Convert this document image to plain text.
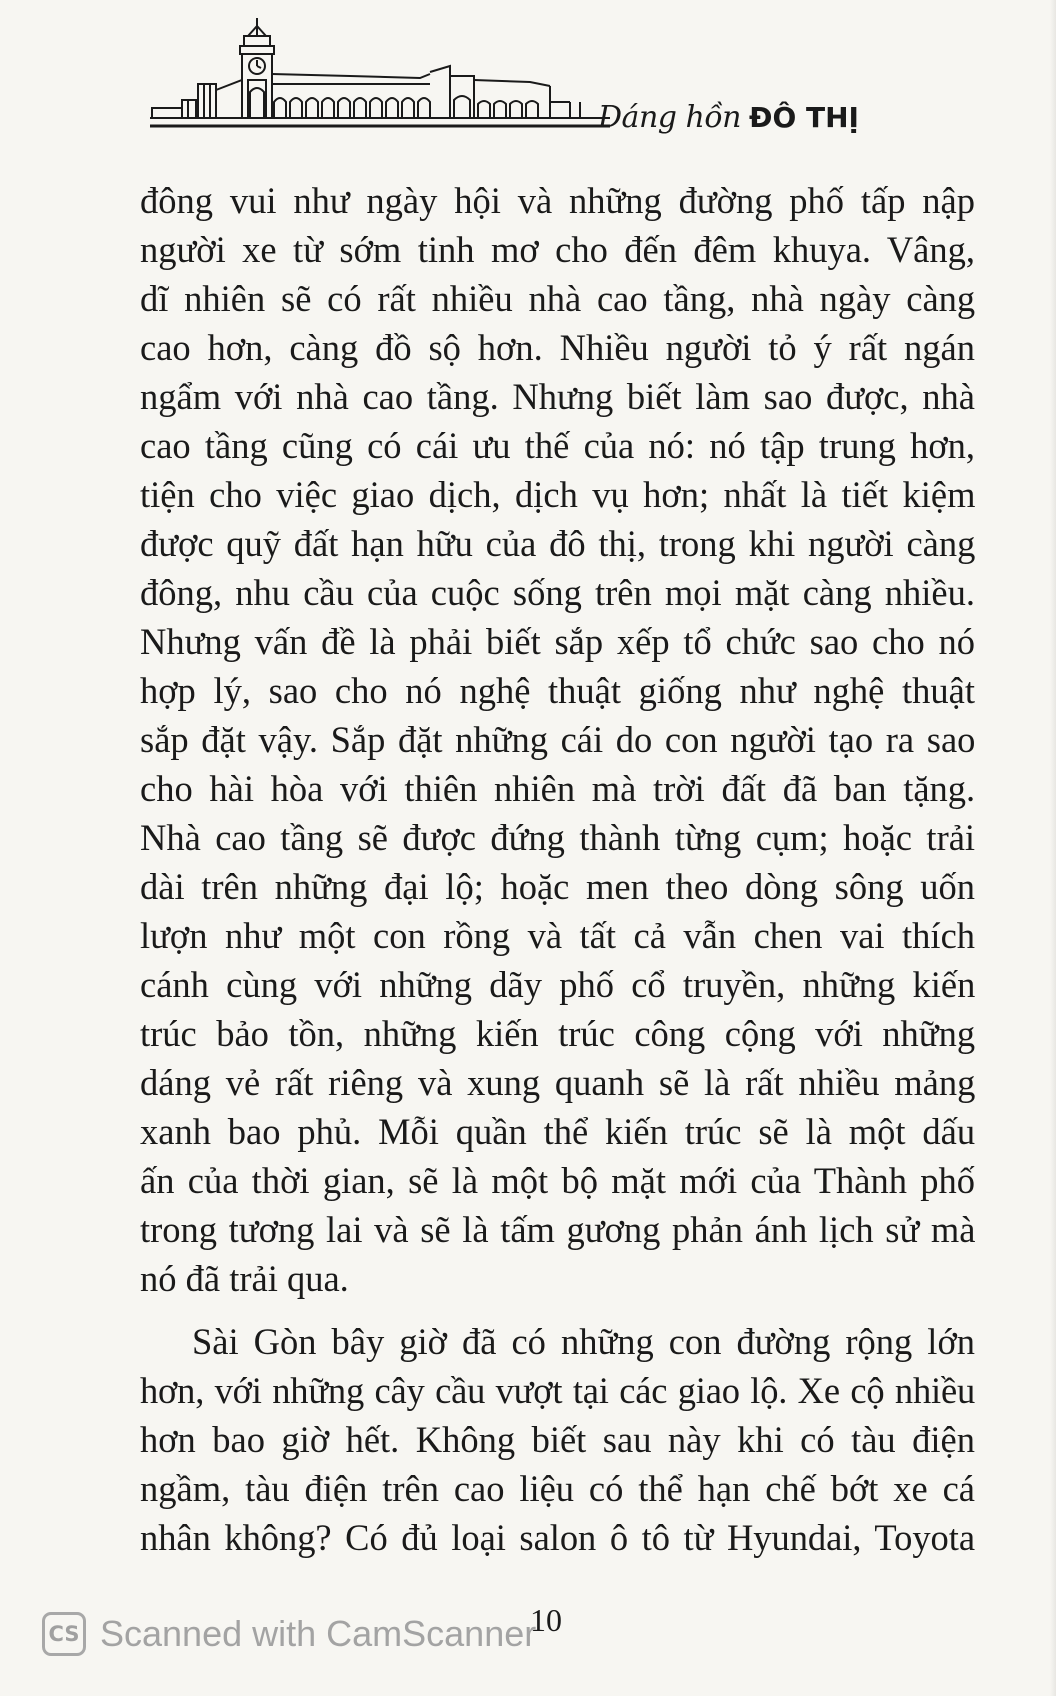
Dáng hồn ĐÔ THỊ

đông vui như ngày hội và những đường phố tấp nập
người xe từ sớm tinh mơ cho đến đêm khuya. Vâng,
dĩ nhiên sẽ có rất nhiều nhà cao tầng, nhà ngày càng
cao hơn, càng đồ sộ hơn. Nhiều người tỏ ý rất ngán
ngẩm với nhà cao tầng. Nhưng biết làm sao được, nhà
cao tầng cũng có cái ưu thế của nó: nó tập trung hơn,
tiện cho việc giao dịch, dịch vụ hơn; nhất là tiết kiệm
được quỹ đất hạn hữu của đô thị, trong khi người càng
đông, nhu cầu của cuộc sống trên mọi mặt càng nhiều.
Nhưng vấn đề là phải biết sắp xếp tổ chức sao cho nó
hợp lý, sao cho nó nghệ thuật giống như nghệ thuật
sắp đặt vậy. Sắp đặt những cái do con người tạo ra sao
cho hài hòa với thiên nhiên mà trời đất đã ban tặng.
Nhà cao tầng sẽ được đứng thành từng cụm; hoặc trải
dài trên những đại lộ; hoặc men theo dòng sông uốn
lượn như một con rồng và tất cả vẫn chen vai thích
cánh cùng với những dãy phố cổ truyền, những kiến
trúc bảo tồn, những kiến trúc công cộng với những
dáng vẻ rất riêng và xung quanh sẽ là rất nhiều mảng
xanh bao phủ. Mỗi quần thể kiến trúc sẽ là một dấu
ấn của thời gian, sẽ là một bộ mặt mới của Thành phố
trong tương lai và sẽ là tấm gương phản ánh lịch sử mà
nó đã trải qua.

Sài Gòn bây giờ đã có những con đường rộng lớn
hơn, với những cây cầu vượt tại các giao lộ. Xe cộ nhiều
hơn bao giờ hết. Không biết sau này khi có tàu điện
ngầm, tàu điện trên cao liệu có thể hạn chế bớt xe cá
nhân không? Có đủ loại salon ô tô từ Hyundai, Toyota

10
CS Scanned with CamScanner
